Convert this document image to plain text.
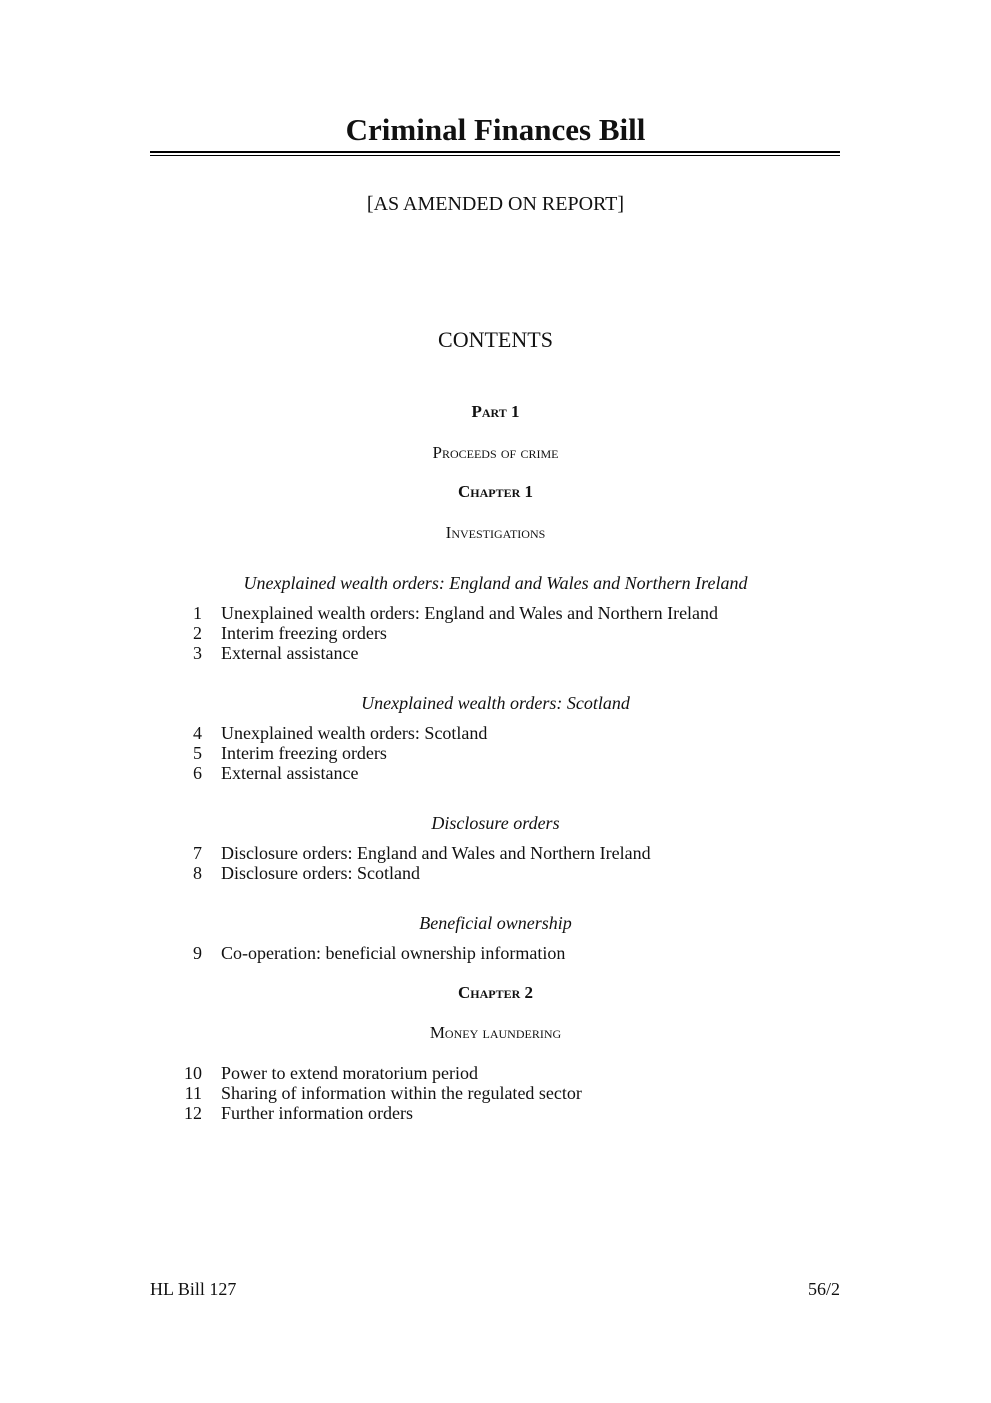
Criminal Finances Bill
[AS AMENDED ON REPORT]
CONTENTS
Part 1
Proceeds of crime
Chapter 1
Investigations
Unexplained wealth orders: England and Wales and Northern Ireland
1 Unexplained wealth orders: England and Wales and Northern Ireland
2 Interim freezing orders
3 External assistance
Unexplained wealth orders: Scotland
4 Unexplained wealth orders: Scotland
5 Interim freezing orders
6 External assistance
Disclosure orders
7 Disclosure orders: England and Wales and Northern Ireland
8 Disclosure orders: Scotland
Beneficial ownership
9 Co-operation: beneficial ownership information
Chapter 2
Money laundering
10 Power to extend moratorium period
11 Sharing of information within the regulated sector
12 Further information orders
HL Bill 127	56/2
